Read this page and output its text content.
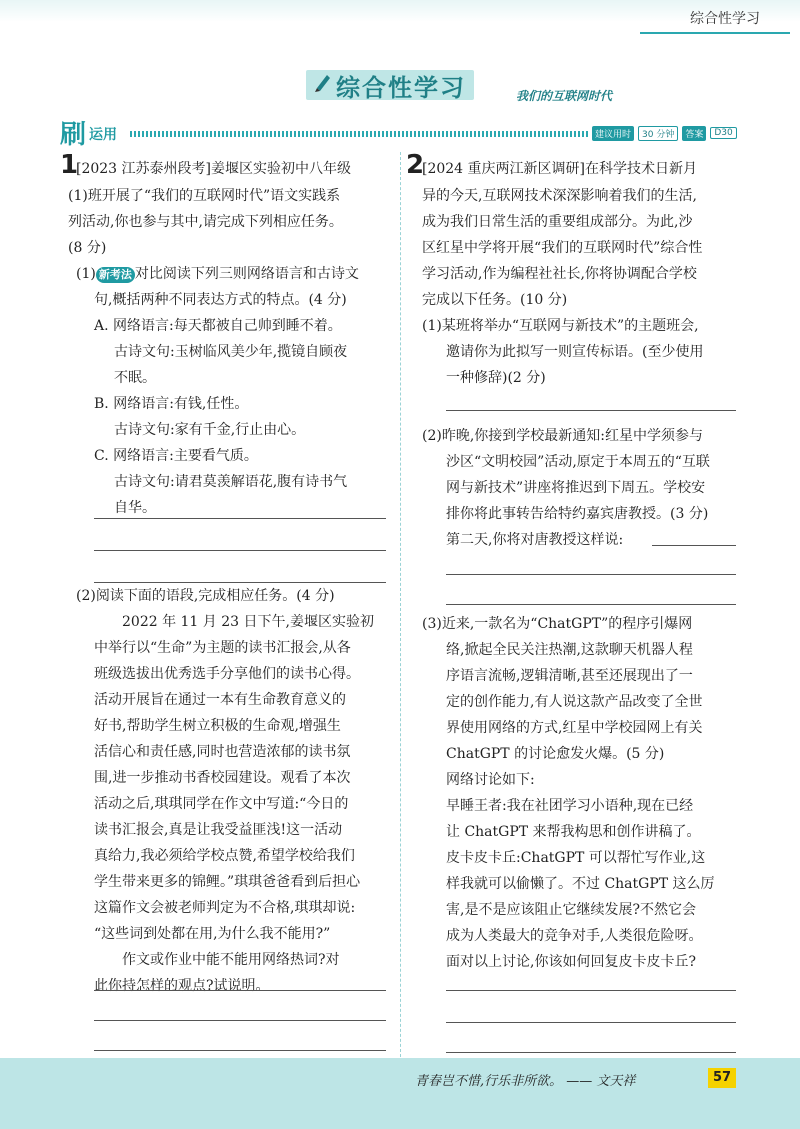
综合性学习
综合性学习	我们的互联网时代
刷 运用	建议用时	30 分钟	答案	D30
1
[2023 江苏泰州段考]姜堰区实验初中八年级
(1)班开展了“我们的互联网时代”语文实践系
列活动,你也参与其中,请完成下列相应任务。
(8 分)
(1) 新考法 对比阅读下列三则网络语言和古诗文
句,概括两种不同表达方式的特点。(4 分)
A. 网络语言:每天都被自己帅到睡不着。
古诗文句:玉树临风美少年,揽镜自顾夜
不眠。
B. 网络语言:有钱,任性。
古诗文句:家有千金,行止由心。
C. 网络语言:主要看气质。
古诗文句:请君莫羡解语花,腹有诗书气
自华。
(2)阅读下面的语段,完成相应任务。(4 分)
2022 年 11 月 23 日下午,姜堰区实验初
中举行以“生命”为主题的读书汇报会,从各
班级选拔出优秀选手分享他们的读书心得。
活动开展旨在通过一本有生命教育意义的
好书,帮助学生树立积极的生命观,增强生
活信心和责任感,同时也营造浓郁的读书氛
围,进一步推动书香校园建设。观看了本次
活动之后,琪琪同学在作文中写道:“今日的
读书汇报会,真是让我受益匪浅!这一活动
真给力,我必须给学校点赞,希望学校给我们
学生带来更多的锦鲤。”琪琪爸爸看到后担心
这篇作文会被老师判定为不合格,琪琪却说:
“这些词到处都在用,为什么我不能用?”
作文或作业中能不能用网络热词?对
此你持怎样的观点?试说明。
2
[2024 重庆两江新区调研]在科学技术日新月
异的今天,互联网技术深深影响着我们的生活,
成为我们日常生活的重要组成部分。为此,沙
区红星中学将开展“我们的互联网时代”综合性
学习活动,作为编程社社长,你将协调配合学校
完成以下任务。(10 分)
(1)某班将举办“互联网与新技术”的主题班会,
邀请你为此拟写一则宣传标语。(至少使用
一种修辞)(2 分)
(2)昨晚,你接到学校最新通知:红星中学须参与
沙区“文明校园”活动,原定于本周五的“互联
网与新技术”讲座将推迟到下周五。学校安
排你将此事转告给特约嘉宾唐教授。(3 分)
第二天,你将对唐教授这样说:
(3)近来,一款名为“ChatGPT”的程序引爆网
络,掀起全民关注热潮,这款聊天机器人程
序语言流畅,逻辑清晰,甚至还展现出了一
定的创作能力,有人说这款产品改变了全世
界使用网络的方式,红星中学校园网上有关
ChatGPT 的讨论愈发火爆。(5 分)
网络讨论如下:
早睡王者:我在社团学习小语种,现在已经
让 ChatGPT 来帮我构思和创作讲稿了。
皮卡皮卡丘:ChatGPT 可以帮忙写作业,这
样我就可以偷懒了。不过 ChatGPT 这么厉
害,是不是应该阻止它继续发展?不然它会
成为人类最大的竞争对手,人类很危险呀。
面对以上讨论,你该如何回复皮卡皮卡丘?
青春岂不惜,行乐非所欲。 —— 文天祥	57
